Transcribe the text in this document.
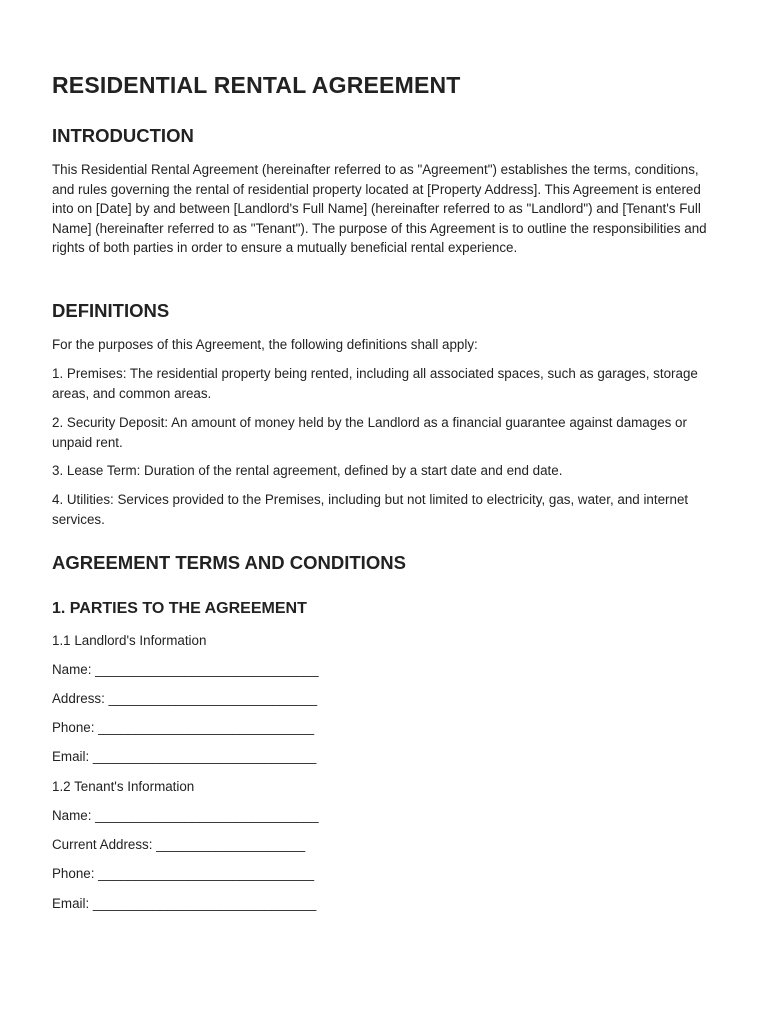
RESIDENTIAL RENTAL AGREEMENT
INTRODUCTION

This Residential Rental Agreement (hereinafter referred to as "Agreement") establishes the terms, conditions, and rules governing the rental of residential property located at [Property Address]. This Agreement is entered into on [Date] by and between [Landlord's Full Name] (hereinafter referred to as "Landlord") and [Tenant's Full Name] (hereinafter referred to as "Tenant"). The purpose of this Agreement is to outline the responsibilities and rights of both parties in order to ensure a mutually beneficial rental experience.

DEFINITIONS

For the purposes of this Agreement, the following definitions shall apply:

1. Premises: The residential property being rented, including all associated spaces, such as garages, storage areas, and common areas.

2. Security Deposit: An amount of money held by the Landlord as a financial guarantee against damages or unpaid rent.

3. Lease Term: Duration of the rental agreement, defined by a start date and end date.

4. Utilities: Services provided to the Premises, including but not limited to electricity, gas, water, and internet services.

AGREEMENT TERMS AND CONDITIONS
1. PARTIES TO THE AGREEMENT
1.1 Landlord's Information
Name: ______________________________
Address: ____________________________
Phone: _____________________________
Email: ______________________________
1.2 Tenant's Information
Name: ______________________________
Current Address: ____________________
Phone: _____________________________
Email: ______________________________
